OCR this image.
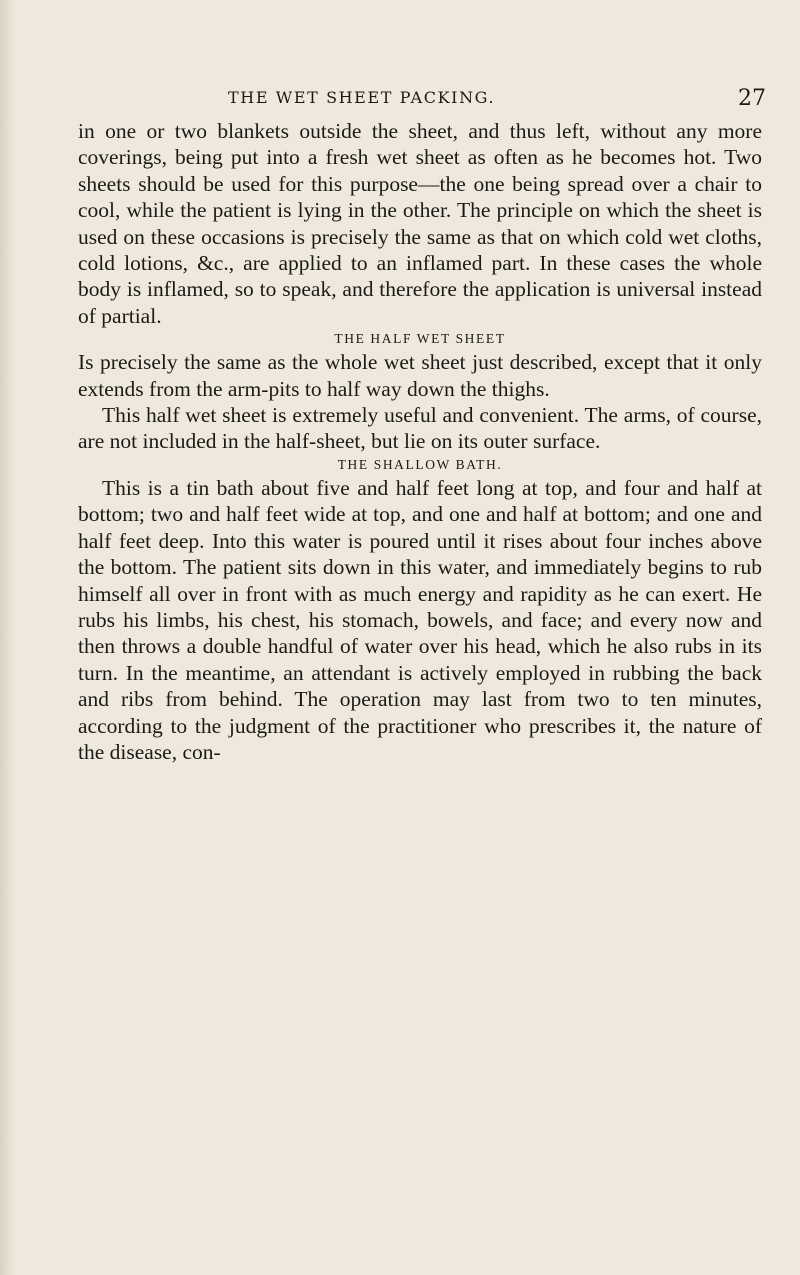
THE WET SHEET PACKING.	27

in one or two blankets outside the sheet, and thus left, without any more coverings, being put into a fresh wet sheet as often as he becomes hot. Two sheets should be used for this purpose—the one being spread over a chair to cool, while the patient is lying in the other. The principle on which the sheet is used on these occasions is precisely the same as that on which cold wet cloths, cold lotions, &c., are applied to an inflamed part. In these cases the whole body is inflamed, so to speak, and therefore the application is universal instead of partial.

THE HALF WET SHEET

Is precisely the same as the whole wet sheet just described, except that it only extends from the arm-pits to half way down the thighs.

This half wet sheet is extremely useful and convenient. The arms, of course, are not included in the half-sheet, but lie on its outer surface.

THE SHALLOW BATH.

This is a tin bath about five and half feet long at top, and four and half at bottom; two and half feet wide at top, and one and half at bottom; and one and half feet deep. Into this water is poured until it rises about four inches above the bottom. The patient sits down in this water, and immediately begins to rub himself all over in front with as much energy and rapidity as he can exert. He rubs his limbs, his chest, his stomach, bowels, and face; and every now and then throws a double handful of water over his head, which he also rubs in its turn. In the meantime, an attendant is actively employed in rubbing the back and ribs from behind. The operation may last from two to ten minutes, according to the judgment of the practitioner who prescribes it, the nature of the disease, con-
